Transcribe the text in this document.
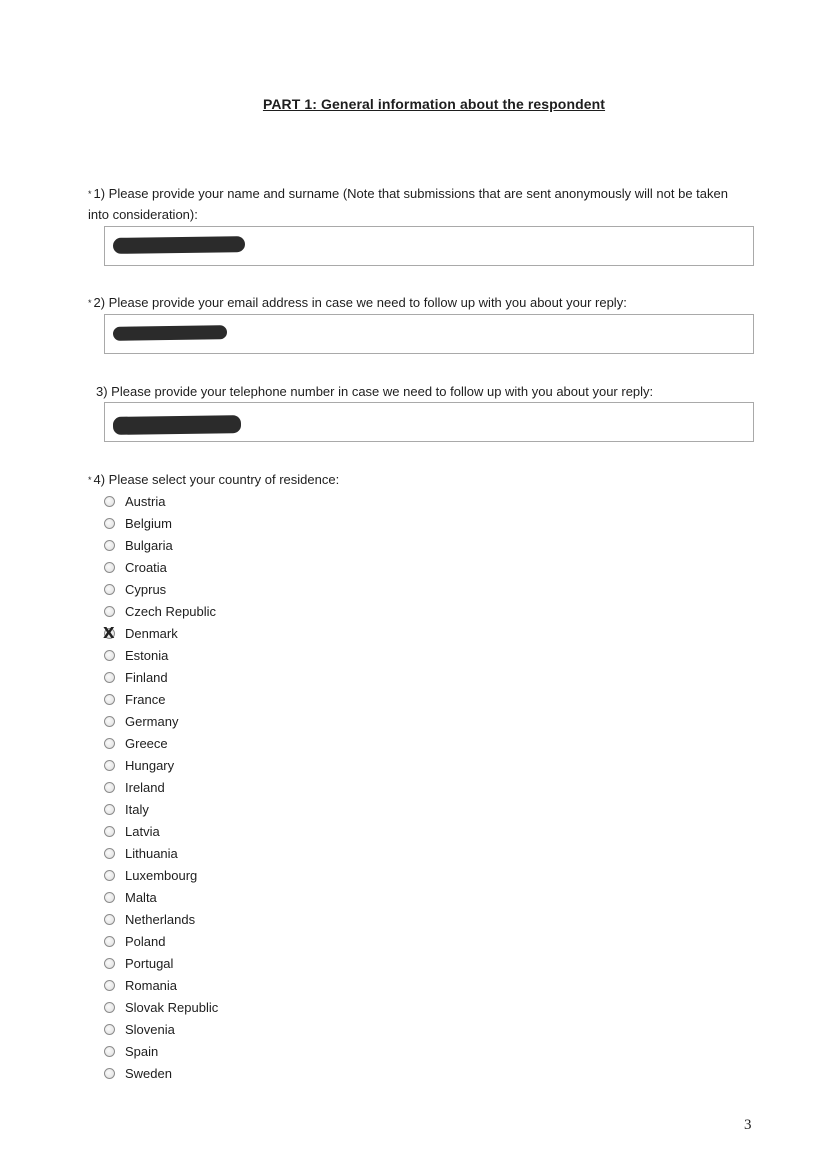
PART 1: General information about the respondent
* 1) Please provide your name and surname (Note that submissions that are sent anonymously will not be taken into consideration):
* 2) Please provide your email address in case we need to follow up with you about your reply:
3) Please provide your telephone number in case we need to follow up with you about your reply:
* 4) Please select your country of residence:
Austria
Belgium
Bulgaria
Croatia
Cyprus
Czech Republic
X
Denmark
Estonia
Finland
France
Germany
Greece
Hungary
Ireland
Italy
Latvia
Lithuania
Luxembourg
Malta
Netherlands
Poland
Portugal
Romania
Slovak Republic
Slovenia
Spain
Sweden
3
